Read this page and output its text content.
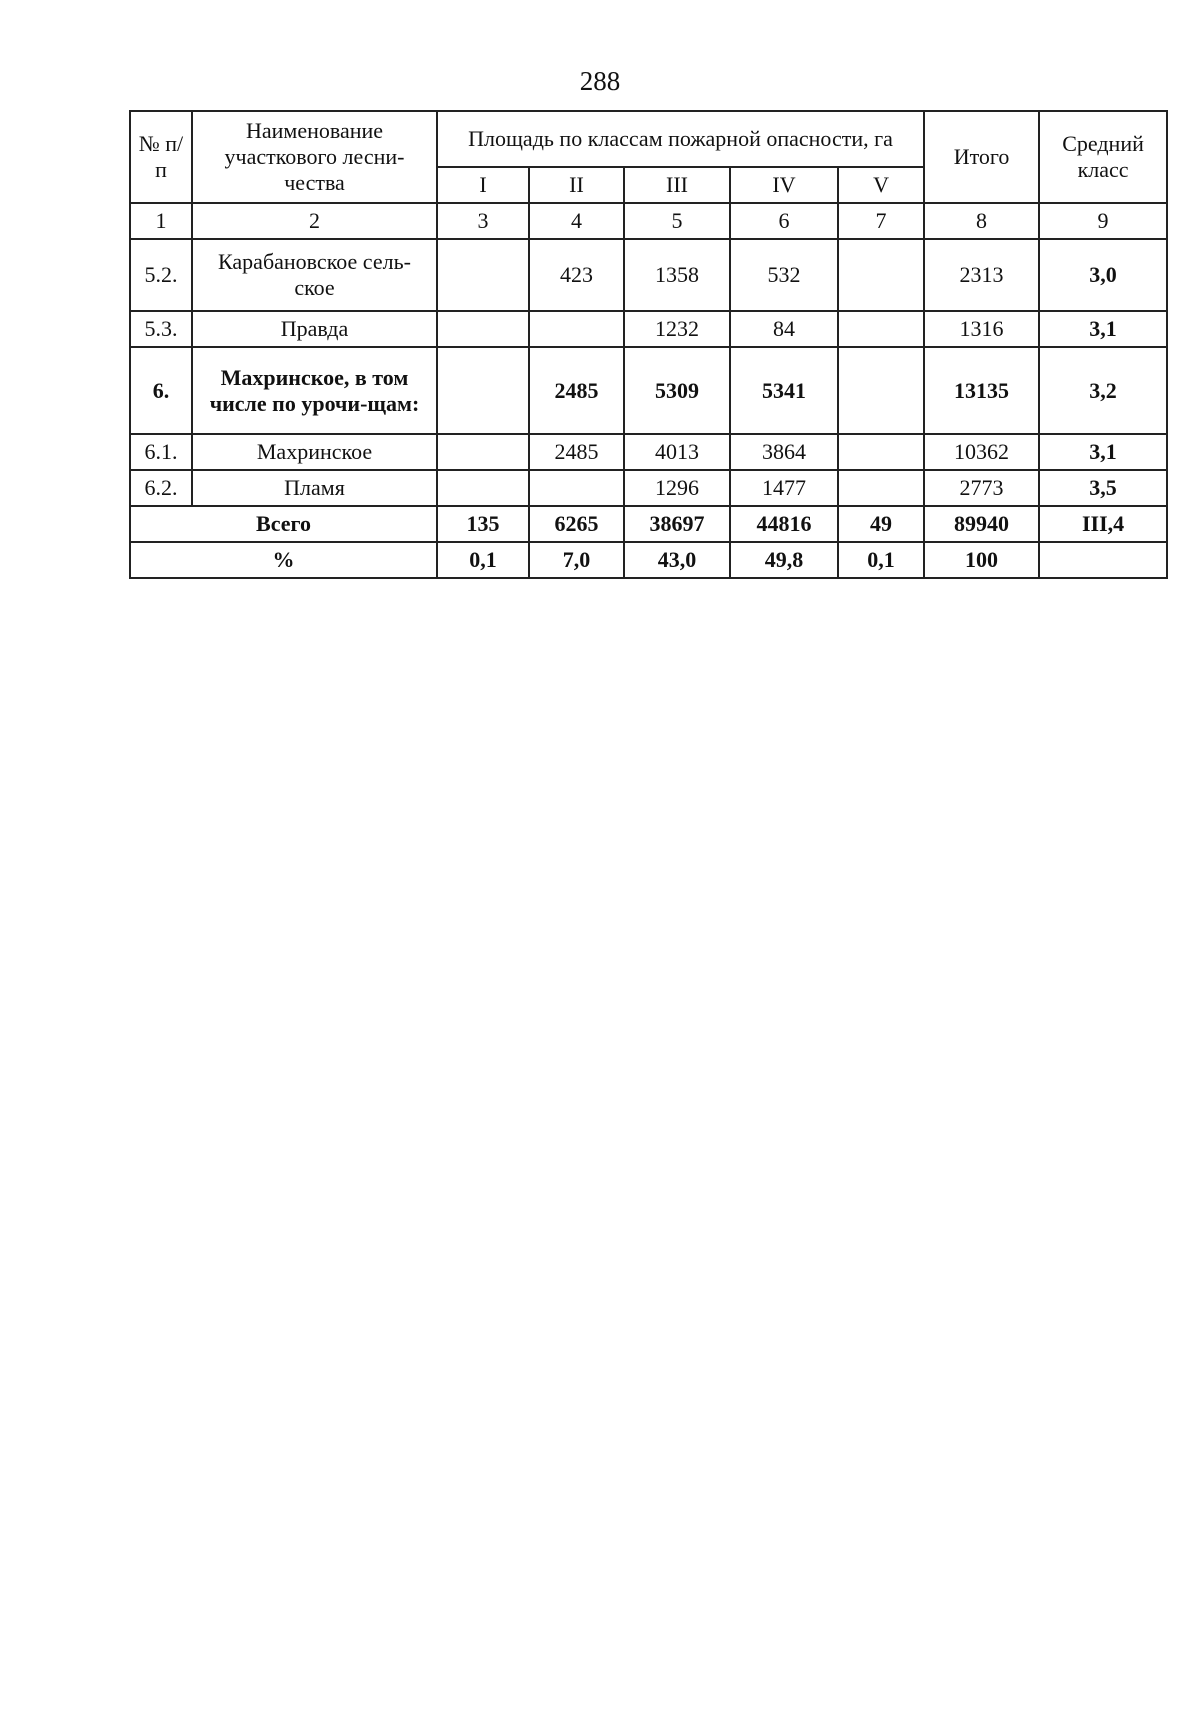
288
№ п/п	Наименование участкового лесни-чества	Площадь по классам пожарной опасности, га					Итого	Средний класс
		I	II	III	IV	V		
1	2	3	4	5	6	7	8	9
5.2.	Карабановское сель-ское		423	1358	532		2313	3,0
5.3.	Правда			1232	84		1316	3,1
6.	Махринское, в том числе по урочи-щам:		2485	5309	5341		13135	3,2
6.1.	Махринское		2485	4013	3864		10362	3,1
6.2.	Пламя			1296	1477		2773	3,5
Всего		135	6265	38697	44816	49	89940	III,4
%		0,1	7,0	43,0	49,8	0,1	100	
